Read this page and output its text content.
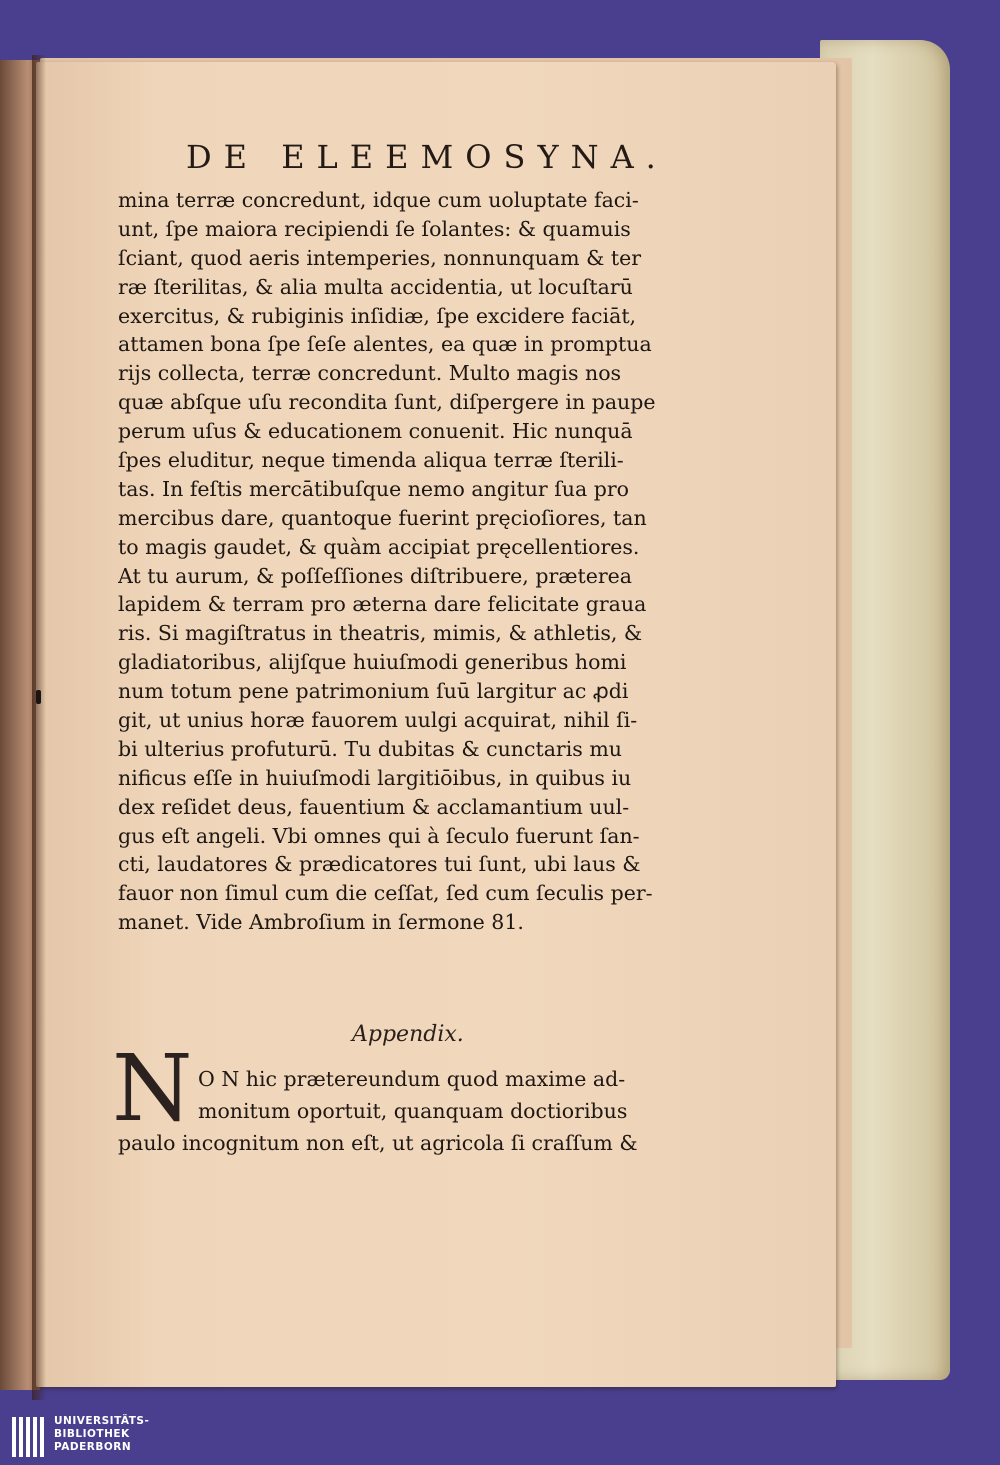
DE ELEEMOSYNA.
mina terræ concredunt, idque cum uoluptate faci-
unt, ſpe maiora recipiendi ſe ſolantes: & quamuis
ſciant, quod aeris intemperies, nonnunquam & ter
ræ ſterilitas, & alia multa accidentia, ut locuſtarū
exercitus, & rubiginis inſidiæ, ſpe excidere faciāt,
attamen bona ſpe ſeſe alentes, ea quæ in promptua
rijs collecta, terræ concredunt. Multo magis nos
quæ abſque uſu recondita ſunt, diſpergere in paupe
perum uſus & educationem conuenit. Hic nunquā
ſpes eluditur, neque timenda aliqua terræ ſterili-
tas. In feſtis mercātibuſque nemo angitur ſua pro
mercibus dare, quantoque fuerint pręcioſiores, tan
to magis gaudet, & quàm accipiat pręcellentiores.
At tu aurum, & poſſeſſiones diſtribuere, præterea
lapidem & terram pro æterna dare felicitate graua
ris. Si magiſtratus in theatris, mimis, & athletis, &
gladiatoribus, alijſque huiuſmodi generibus homi
num totum pene patrimonium ſuū largitur ac ꝓdi
git, ut unius horæ fauorem uulgi acquirat, nihil ſi-
bi ulterius profuturū. Tu dubitas & cunctaris mu
nificus eſſe in huiuſmodi largitiōibus, in quibus iu
dex reſidet deus, fauentium & acclamantium uul-
gus eſt angeli. Vbi omnes qui à ſeculo fuerunt ſan-
cti, laudatores & prædicatores tui ſunt, ubi laus &
fauor non ſimul cum die ceſſat, ſed cum ſeculis per-
manet. Vide Ambroſium in ſermone 81.
Appendix.
N O N hic prætereundum quod maxime ad-
monitum oportuit, quanquam doctioribus
paulo incognitum non eſt, ut agricola ſi craſſum &
UNIVERSITÄTS-
BIBLIOTHEK
PADERBORN
